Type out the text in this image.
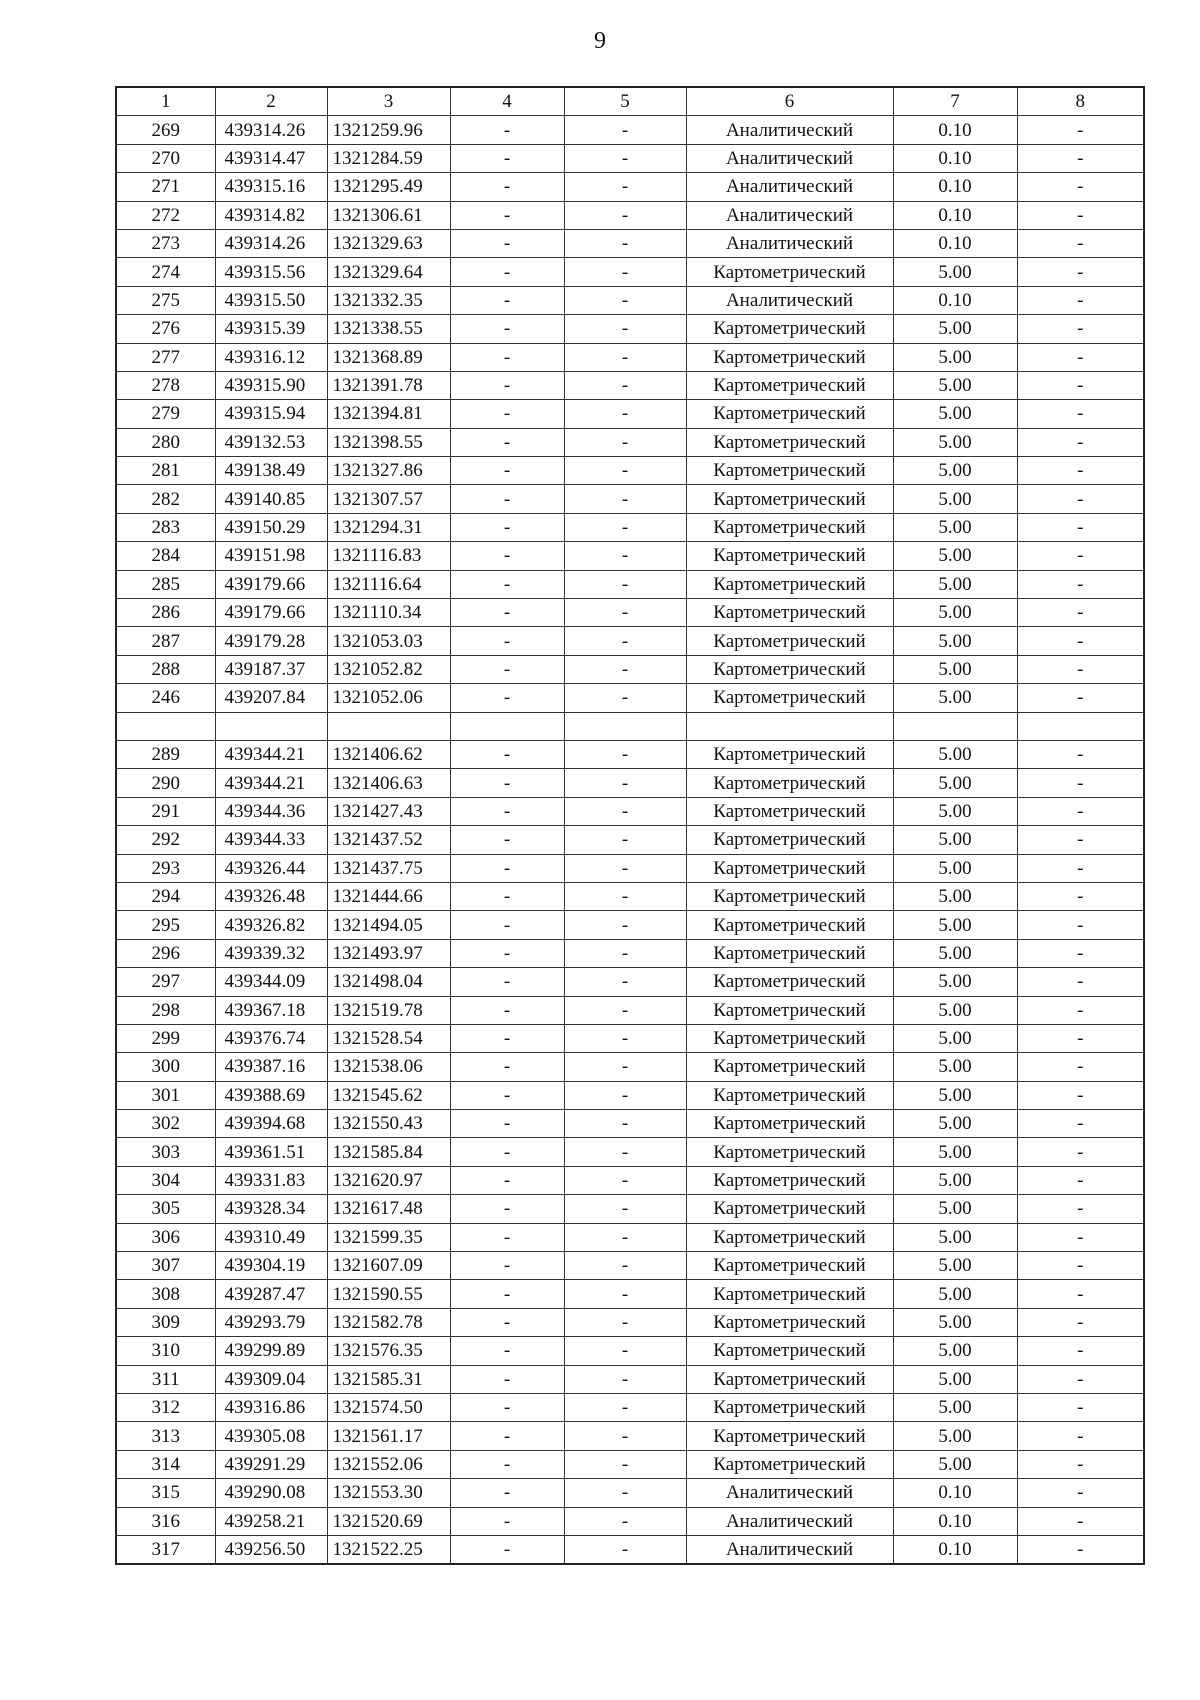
9
1	2	3	4	5	6	7	8
269	439314.26	1321259.96	-	-	Аналитический	0.10	-
270	439314.47	1321284.59	-	-	Аналитический	0.10	-
271	439315.16	1321295.49	-	-	Аналитический	0.10	-
272	439314.82	1321306.61	-	-	Аналитический	0.10	-
273	439314.26	1321329.63	-	-	Аналитический	0.10	-
274	439315.56	1321329.64	-	-	Картометрический	5.00	-
275	439315.50	1321332.35	-	-	Аналитический	0.10	-
276	439315.39	1321338.55	-	-	Картометрический	5.00	-
277	439316.12	1321368.89	-	-	Картометрический	5.00	-
278	439315.90	1321391.78	-	-	Картометрический	5.00	-
279	439315.94	1321394.81	-	-	Картометрический	5.00	-
280	439132.53	1321398.55	-	-	Картометрический	5.00	-
281	439138.49	1321327.86	-	-	Картометрический	5.00	-
282	439140.85	1321307.57	-	-	Картометрический	5.00	-
283	439150.29	1321294.31	-	-	Картометрический	5.00	-
284	439151.98	1321116.83	-	-	Картометрический	5.00	-
285	439179.66	1321116.64	-	-	Картометрический	5.00	-
286	439179.66	1321110.34	-	-	Картометрический	5.00	-
287	439179.28	1321053.03	-	-	Картометрический	5.00	-
288	439187.37	1321052.82	-	-	Картометрический	5.00	-
246	439207.84	1321052.06	-	-	Картометрический	5.00	-

289	439344.21	1321406.62	-	-	Картометрический	5.00	-
290	439344.21	1321406.63	-	-	Картометрический	5.00	-
291	439344.36	1321427.43	-	-	Картометрический	5.00	-
292	439344.33	1321437.52	-	-	Картометрический	5.00	-
293	439326.44	1321437.75	-	-	Картометрический	5.00	-
294	439326.48	1321444.66	-	-	Картометрический	5.00	-
295	439326.82	1321494.05	-	-	Картометрический	5.00	-
296	439339.32	1321493.97	-	-	Картометрический	5.00	-
297	439344.09	1321498.04	-	-	Картометрический	5.00	-
298	439367.18	1321519.78	-	-	Картометрический	5.00	-
299	439376.74	1321528.54	-	-	Картометрический	5.00	-
300	439387.16	1321538.06	-	-	Картометрический	5.00	-
301	439388.69	1321545.62	-	-	Картометрический	5.00	-
302	439394.68	1321550.43	-	-	Картометрический	5.00	-
303	439361.51	1321585.84	-	-	Картометрический	5.00	-
304	439331.83	1321620.97	-	-	Картометрический	5.00	-
305	439328.34	1321617.48	-	-	Картометрический	5.00	-
306	439310.49	1321599.35	-	-	Картометрический	5.00	-
307	439304.19	1321607.09	-	-	Картометрический	5.00	-
308	439287.47	1321590.55	-	-	Картометрический	5.00	-
309	439293.79	1321582.78	-	-	Картометрический	5.00	-
310	439299.89	1321576.35	-	-	Картометрический	5.00	-
311	439309.04	1321585.31	-	-	Картометрический	5.00	-
312	439316.86	1321574.50	-	-	Картометрический	5.00	-
313	439305.08	1321561.17	-	-	Картометрический	5.00	-
314	439291.29	1321552.06	-	-	Картометрический	5.00	-
315	439290.08	1321553.30	-	-	Аналитический	0.10	-
316	439258.21	1321520.69	-	-	Аналитический	0.10	-
317	439256.50	1321522.25	-	-	Аналитический	0.10	-
